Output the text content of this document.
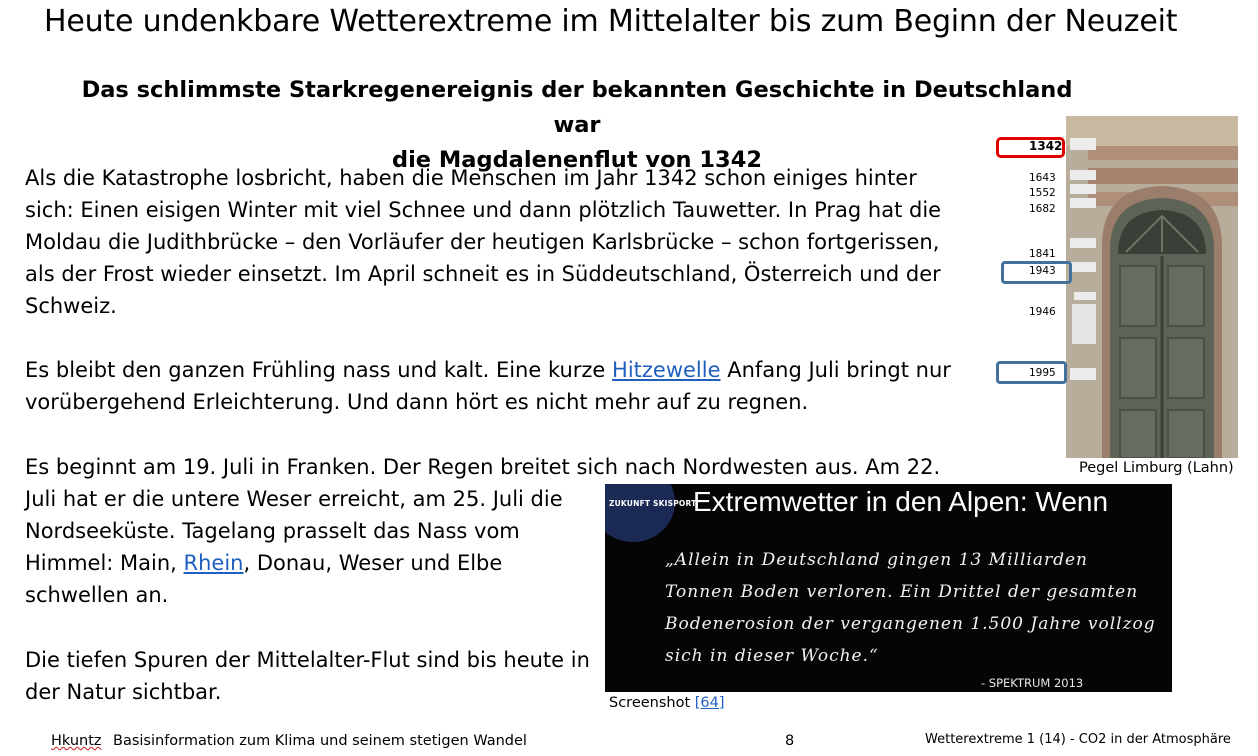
Heute undenkbare Wetterextreme im Mittelalter bis zum Beginn der Neuzeit
Das schlimmste Starkregenereignis der bekannten Geschichte in Deutschland war
die Magdalenenflut von 1342
Als die Katastrophe losbricht, haben die Menschen im Jahr 1342 schon einiges hinter sich: Einen eisigen Winter mit viel Schnee und dann plötzlich Tauwetter. In Prag hat die Moldau die Judithbrücke – den Vorläufer der heutigen Karlsbrücke – schon fortgerissen, als der Frost wieder einsetzt. Im April schneit es in Süddeutschland, Österreich und der Schweiz.
Es bleibt den ganzen Frühling nass und kalt. Eine kurze Hitzewelle Anfang Juli bringt nur vorübergehend Erleichterung. Und dann hört es nicht mehr auf zu regnen.
Es beginnt am 19. Juli in Franken. Der Regen breitet sich nach Nordwesten aus. Am 22.
Juli hat er die untere Weser erreicht, am 25. Juli die Nordseeküste. Tagelang prasselt das Nass vom Himmel: Main, Rhein, Donau, Weser und Elbe schwellen an.
Die tiefen Spuren der Mittelalter-Flut sind bis heute in der Natur sichtbar.
1342
1643
1552
1682
1841
1943
1946
1995
Pegel Limburg (Lahn)
ZUKUNFT SKISPORT
Extremwetter in den Alpen: Wenn
„Allein in Deutschland gingen 13 Milliarden
Tonnen Boden verloren. Ein Drittel der gesamten
Bodenerosion der vergangenen 1.500 Jahre vollzog
sich in dieser Woche.“
- SPEKTRUM 2013
Screenshot [64]
Hkuntz Basisinformation zum Klima und seinem stetigen Wandel	8	Wetterextreme 1 (14) - CO2 in der Atmosphäre
